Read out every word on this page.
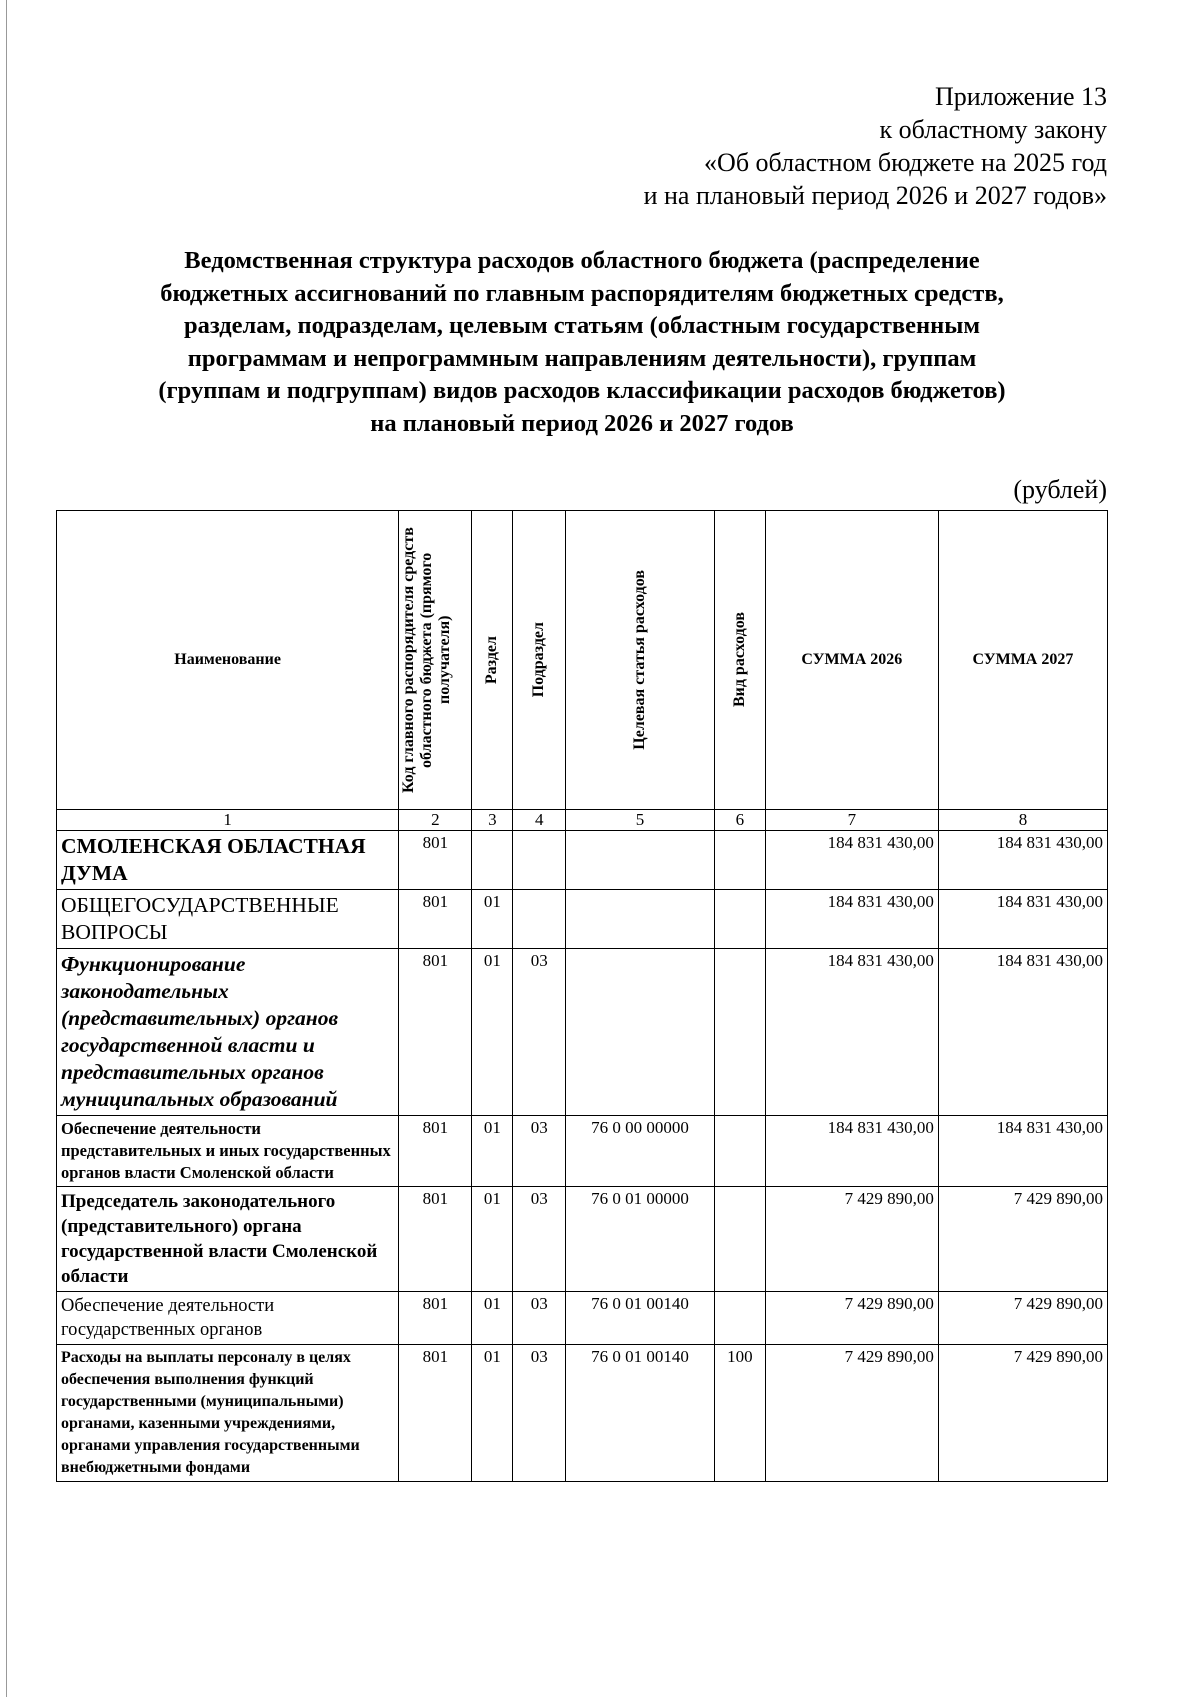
Приложение 13
к областному закону
«Об областном бюджете на 2025 год
и на плановый период 2026 и 2027 годов»
Ведомственная структура расходов областного бюджета (распределение
бюджетных ассигнований по главным распорядителям бюджетных средств,
разделам, подразделам, целевым статьям (областным государственным
программам и непрограммным направлениям деятельности), группам
(группам и подгруппам) видов расходов классификации расходов бюджетов)
на плановый период 2026 и 2027 годов
(рублей)
Наименование	Код главного распорядителя средств областного бюджета (прямого получателя)	Раздел	Подраздел	Целевая статья расходов	Вид расходов	СУММА 2026	СУММА 2027
1	2	3	4	5	6	7	8
СМОЛЕНСКАЯ ОБЛАСТНАЯ ДУМА	801					184 831 430,00	184 831 430,00
ОБЩЕГОСУДАРСТВЕННЫЕ ВОПРОСЫ	801	01				184 831 430,00	184 831 430,00
Функционирование законодательных (представительных) органов государственной власти и представительных органов муниципальных образований	801	01	03			184 831 430,00	184 831 430,00
Обеспечение деятельности представительных и иных государственных органов власти Смоленской области	801	01	03	76 0 00 00000		184 831 430,00	184 831 430,00
Председатель законодательного (представительного) органа государственной власти Смоленской области	801	01	03	76 0 01 00000		7 429 890,00	7 429 890,00
Обеспечение деятельности государственных органов	801	01	03	76 0 01 00140		7 429 890,00	7 429 890,00
Расходы на выплаты персоналу в целях обеспечения выполнения функций государственными (муниципальными) органами, казенными учреждениями, органами управления государственными внебюджетными фондами	801	01	03	76 0 01 00140	100	7 429 890,00	7 429 890,00
